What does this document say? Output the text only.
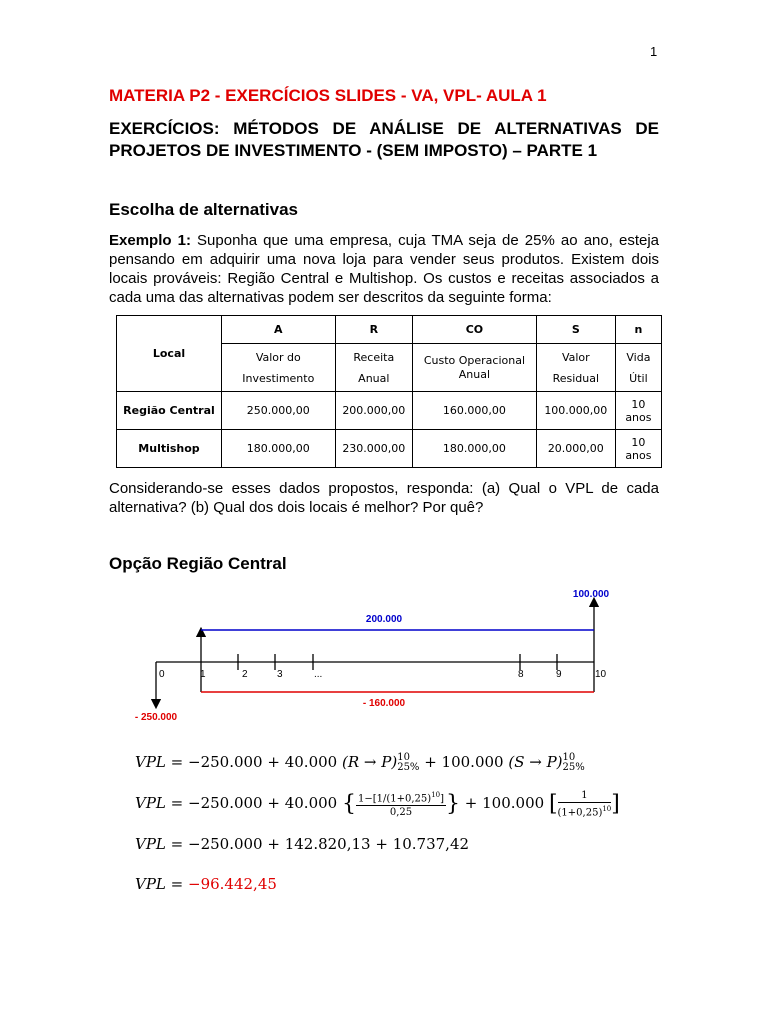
1
MATERIA P2 - EXERCÍCIOS SLIDES - VA, VPL- AULA 1
EXERCÍCIOS: MÉTODOS DE ANÁLISE DE ALTERNATIVAS DE PROJETOS DE INVESTIMENTO - (SEM IMPOSTO) – PARTE 1
Escolha de alternativas
Exemplo 1: Suponha que uma empresa, cuja TMA seja de 25% ao ano, esteja pensando em adquirir uma nova loja para vender seus produtos. Existem dois locais prováveis: Região Central e Multishop. Os custos e receitas associados a cada uma das alternativas podem ser descritos da seguinte forma:
Local	A	R	CO	S	n
	Valor do Investimento	Receita Anual	Custo Operacional Anual	Valor Residual	Vida Útil
Região Central	250.000,00	200.000,00	160.000,00	100.000,00	10 anos
Multishop	180.000,00	230.000,00	180.000,00	20.000,00	10 anos
Considerando-se esses dados propostos, responda: (a) Qual o VPL de cada alternativa? (b) Qual dos dois locais é melhor? Por quê?
Opção Região Central
100.000
200.000
- 160.000
- 250.000
0	1	2	3	...	8	9	10
VPL = −250.000 + 40.000 (R → P) 10
25% + 100.000 (S → P) 10
25%
VPL = −250.000 + 40.000 { $\frac{1-[1/(1+0,25)^{10}]}{0,25}$ } + 100.000 [ $\frac{1}{(1+0,25)^{10}}$ ]
VPL = −250.000 + 142.820,13 + 10.737,42
VPL = −96.442,45
